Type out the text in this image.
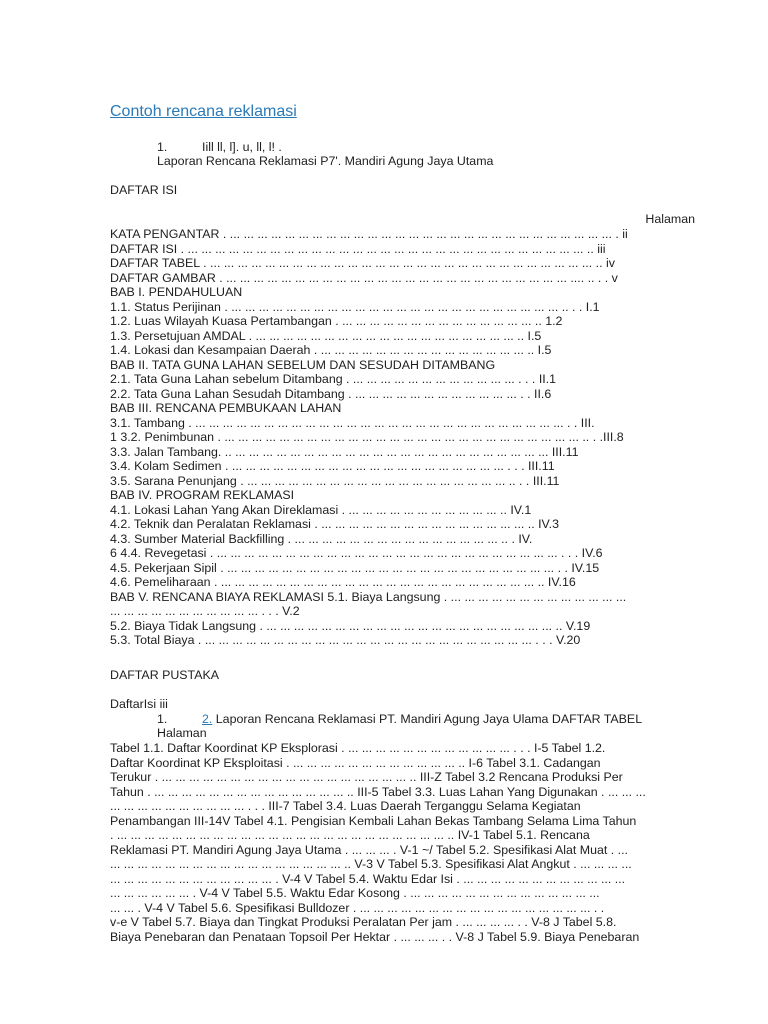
Contoh rencana reklamasi
1.	Iill ll, l]. u, ll, l! .
Laporan Rencana Reklamasi P7'. Mandiri Agung Jaya Utama
DAFTAR ISI
Halaman
KATA PENGANTAR . ... ... ... ... ... ... ... ... ... ... ... ... ... ... ... ... ... ... ... ... ... ... ... ... ... ... ... ... . ii
DAFTAR ISI . ... ... ... ... ... ... ... ... ... ... ... ... ... ... ... ... ... ... ... ... ... ... ... ... ... ... ... ... ... .. iii
DAFTAR TABEL . ... ... ... ... ... ... ... ... ... ... ... ... ... ... ... ... ... ... ... ... ... ... ... ... ... ... ... ... .. iv
DAFTAR GAMBAR . ... ... ... ... ... ... ... ... ... ... ... ... ... ... ... ... ... ... ... ... ... ... ... ... ... .... .. . . v
BAB I. PENDAHULUAN
1.1. Status Perijinan . ... ... ... ... ... ... ... ... ... ... ... ... ... ... ... ... ... ... ... ... ... ... ... ... .. . . I.1
1.2. Luas Wilayah Kuasa Pertambangan . ... ... ... ... ... ... ... ... ... ... ... ... ... ... .. 1.2
1.3. Persetujuan AMDAL . ... ... ... ... ... ... ... ... ... ... ... ... ... ... ... ... ... ... ... .. I.5
1.4. Lokasi dan Kesampaian Daerah . ... ... ... ... ... ... ... ... ... ... ... ... ... ... ... .. I.5
BAB II. TATA GUNA LAHAN SEBELUM DAN SESUDAH DITAMBANG
2.1. Tata Guna Lahan sebelum Ditambang . ... ... ... ... ... ... ... ... ... ... ... ... . . . II.1
2.2. Tata Guna Lahan Sesudah Ditambang . ... ... ... ... ... ... ... ... ... ... ... ... . . II.6
BAB III. RENCANA PEMBUKAAN LAHAN
3.1. Tambang . ... ... ... ... ... ... ... ... ... ... ... ... ... ... ... ... ... ... ... ... ... ... ... ... ... ... ... . . III.
1 3.2. Penimbunan . ... ... ... ... ... ... ... ... ... ... ... ... ... ... ... ... ... ... ... ... ... ... ... ... ... ... .. . .III.8
3.3. Jalan Tambang. .. ... ... ... ... ... ... ... ... ... ... ... ... ... ... ... ... ... ... ... ... ... ... ... III.11
3.4. Kolam Sedimen . ... ... ... ... ... ... ... ... ... ... ... ... ... ... ... ... ... ... ... ... . . . III.11
3.5. Sarana Penunjang . ... ... ... ... ... ... ... ... ... ... ... ... ... ... ... ... ... ... ... .. . . III.11
BAB IV. PROGRAM REKLAMASI
4.1. Lokasi Lahan Yang Akan Direklamasi . ... ... ... ... ... ... ... ... ... ... ... .. IV.1
4.2. Teknik dan Peralatan Reklamasi . ... ... ... ... ... ... ... ... ... ... ... ... ... ... ... .. IV.3
4.3. Sumber Material Backfilling . ... ... ... ... ... ... ... ... ... ... ... ... ... ... ... .. . IV.
6 4.4. Revegetasi . ... ... ... ... ... ... ... ... ... ... ... ... ... ... ... ... ... ... ... ... ... ... ... ... ... . . . IV.6
4.5. Pekerjaan Sipil . ... ... ... ... ... ... ... ... ... ... ... ... ... ... ... ... ... ... ... ... ... ... ... ... . . IV.15
4.6. Pemeliharaan . ... ... ... ... ... ... ... ... ... ... ... ... ... ... ... ... ... ... ... ... ... ... ... .. IV.16
BAB V. RENCANA BIAYA REKLAMASI 5.1. Biaya Langsung . ... ... ... ... ... ... ... ... ... ... ... ... ...
... ... ... ... ... ... ... ... ... ... ... . . . V.2
5.2. Biaya Tidak Langsung . ... ... ... ... ... ... ... ... ... ... ... ... ... ... ... ... ... ... ... ... ... .. V.19
5.3. Total Biaya . ... ... ... ... ... ... ... ... ... ... ... ... ... ... ... ... ... ... ... ... ... ... ... ... . . . V.20
DAFTAR PUSTAKA
DaftarIsi iii
1.	2. Laporan Rencana Reklamasi PT. Mandiri Agung Jaya Ulama DAFTAR TABEL
Halaman
Tabel 1.1. Daftar Koordinat KP Eksplorasi . ... ... ... ... ... ... ... ... ... ... ... ... . . . I-5 Tabel 1.2.
Daftar Koordinat KP Eksploitasi . ... ... ... ... ... ... ... ... ... ... ... ... .. I-6 Tabel 3.1. Cadangan
Terukur . ... ... ... ... ... ... ... ... ... ... ... ... ... ... ... ... ... ... .. III-Z Tabel 3.2 Rencana Produksi Per
Tahun . ... ... ... ... ... ... ... ... ... ... ... ... ... ... .. III-5 Tabel 3.3. Luas Lahan Yang Digunakan . ... ... ...
... ... ... ... ... ... ... ... ... ... . . . III-7 Tabel 3.4. Luas Daerah Terganggu Selama Kegiatan
Penambangan III-14V Tabel 4.1. Pengisian Kembali Lahan Bekas Tambang Selama Lima Tahun
. ... ... ... ... ... ... ... ... ... ... ... ... ... ... ... ... ... ... ... ... ... ... ... ... .. IV-1 Tabel 5.1. Rencana
Reklamasi PT. Mandiri Agung Jaya Utama . ... ... ... . V-1 ~/ Tabel 5.2. Spesifikasi Alat Muat . ...
... ... ... ... ... ... ... ... ... ... ... ... ... ... ... ... ... .. V-3 V Tabel 5.3. Spesifikasi Alat Angkut . ... ... ... ...
... ... ... ... ... ... ... ... ... ... ... ... . V-4 V Tabel 5.4. Waktu Edar Isi . ... ... ... ... ... ... ... ... ... ... ... ...
... ... ... ... ... ... . V-4 V Tabel 5.5. Waktu Edar Kosong . ... ... ... ... ... ... ... ... ... ... ... ... ... ...
... ... . V-4 V Tabel 5.6. Spesifikasi Bulldozer . ... ... ... ... ... ... ... ... ... ... ... ... ... ... ... ... ... . .
v-e V Tabel 5.7. Biaya dan Tingkat Produksi Peralatan Per jam . ... ... ... ... . . V-8 J Tabel 5.8.
Biaya Penebaran dan Penataan Topsoil Per Hektar . ... ... ... . . V-8 J Tabel 5.9. Biaya Penebaran
